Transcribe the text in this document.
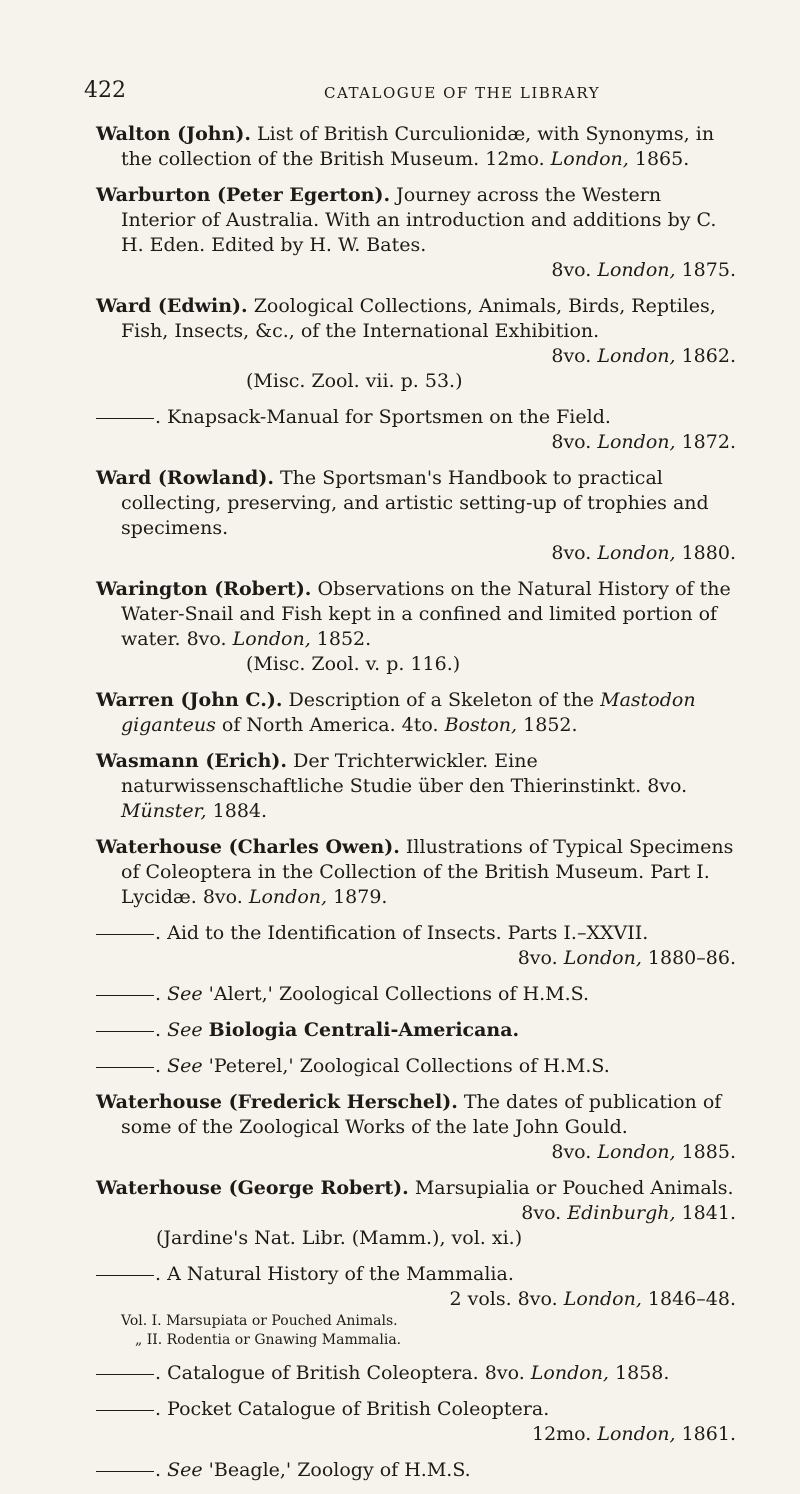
422	CATALOGUE OF THE LIBRARY
Walton (John). List of British Curculionidæ, with Synonyms, in the collection of the British Museum. 12mo. London, 1865.
Warburton (Peter Egerton). Journey across the Western Interior of Australia. With an introduction and additions by C. H. Eden. Edited by H. W. Bates.
8vo. London, 1875.
Ward (Edwin). Zoological Collections, Animals, Birds, Reptiles, Fish, Insects, &c., of the International Exhibition.
8vo. London, 1862.
(Misc. Zool. vii. p. 53.)
. Knapsack-Manual for Sportsmen on the Field.
8vo. London, 1872.
Ward (Rowland). The Sportsman's Handbook to practical collecting, preserving, and artistic setting-up of trophies and specimens.
8vo. London, 1880.
Warington (Robert). Observations on the Natural History of the Water-Snail and Fish kept in a confined and limited portion of water. 8vo. London, 1852.
(Misc. Zool. v. p. 116.)
Warren (John C.). Description of a Skeleton of the Mastodon giganteus of North America. 4to. Boston, 1852.
Wasmann (Erich). Der Trichterwickler. Eine naturwissenschaftliche Studie über den Thierinstinkt. 8vo. Münster, 1884.
Waterhouse (Charles Owen). Illustrations of Typical Specimens of Coleoptera in the Collection of the British Museum. Part I. Lycidæ. 8vo. London, 1879.
. Aid to the Identification of Insects. Parts I.–XXVII.
8vo. London, 1880–86.
. See 'Alert,' Zoological Collections of H.M.S.
. See Biologia Centrali-Americana.
. See 'Peterel,' Zoological Collections of H.M.S.
Waterhouse (Frederick Herschel). The dates of publication of some of the Zoological Works of the late John Gould.
8vo. London, 1885.
Waterhouse (George Robert). Marsupialia or Pouched Animals.
8vo. Edinburgh, 1841.
(Jardine's Nat. Libr. (Mamm.), vol. xi.)
. A Natural History of the Mammalia.
2 vols. 8vo. London, 1846–48.
Vol. I. Marsupiata or Pouched Animals.
„ II. Rodentia or Gnawing Mammalia.
. Catalogue of British Coleoptera. 8vo. London, 1858.
. Pocket Catalogue of British Coleoptera.
12mo. London, 1861.
. See 'Beagle,' Zoology of H.M.S.
